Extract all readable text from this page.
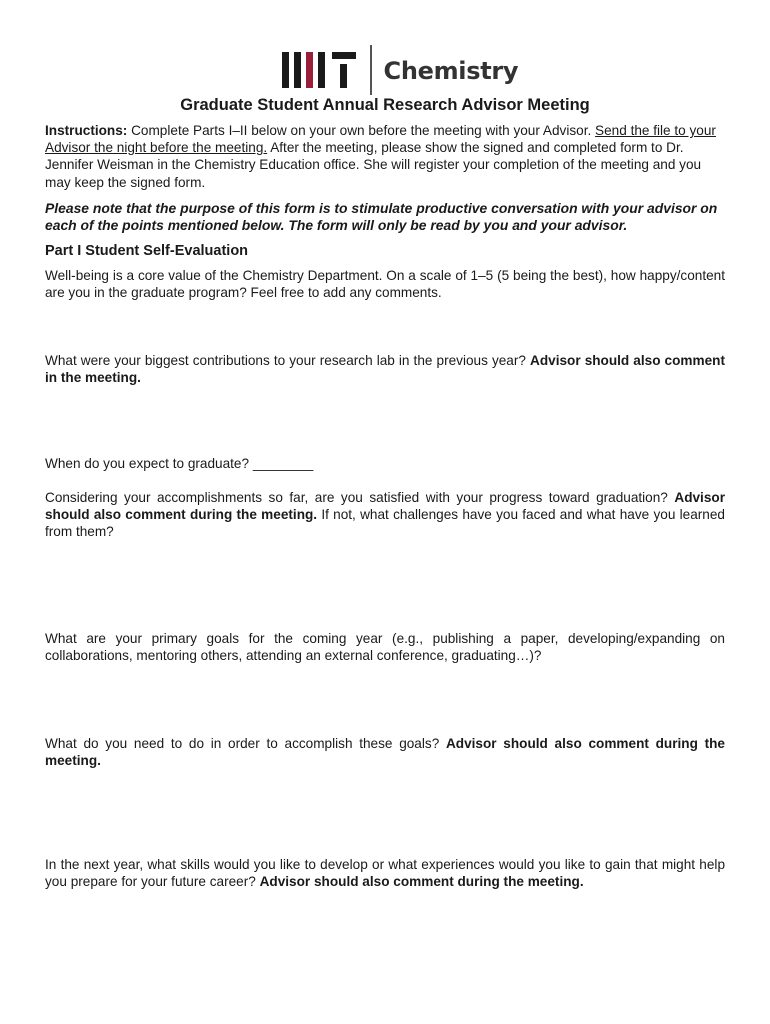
Chemistry
Graduate Student Annual Research Advisor Meeting

Instructions: Complete Parts I–II below on your own before the meeting with your Advisor. Send the file to your Advisor the night before the meeting. After the meeting, please show the signed and completed form to Dr. Jennifer Weisman in the Chemistry Education office. She will register your completion of the meeting and you may keep the signed form.

Please note that the purpose of this form is to stimulate productive conversation with your advisor on each of the points mentioned below. The form will only be read by you and your advisor.

Part I Student Self-Evaluation

Well-being is a core value of the Chemistry Department. On a scale of 1–5 (5 being the best), how happy/content are you in the graduate program? Feel free to add any comments.

What were your biggest contributions to your research lab in the previous year? Advisor should also comment in the meeting.

When do you expect to graduate? ________

Considering your accomplishments so far, are you satisfied with your progress toward graduation? Advisor should also comment during the meeting. If not, what challenges have you faced and what have you learned from them?

What are your primary goals for the coming year (e.g., publishing a paper, developing/expanding on collaborations, mentoring others, attending an external conference, graduating…)?

What do you need to do in order to accomplish these goals? Advisor should also comment during the meeting.

In the next year, what skills would you like to develop or what experiences would you like to gain that might help you prepare for your future career? Advisor should also comment during the meeting.
